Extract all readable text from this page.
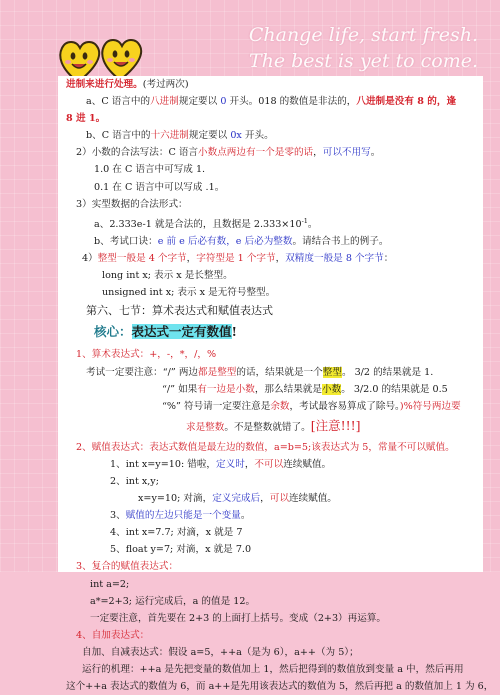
Change life, start fresh.
The best is yet to come.
进制来进行处理。(考过两次)
a、C 语言中的八进制规定要以 0 开头。018 的数值是非法的，八进制是没有 8 的，逢
8 进 1。
b、C 语言中的十六进制规定要以 0x 开头。
2）小数的合法写法：C 语言小数点两边有一个是零的话，可以不用写。
1.0 在 C 语言中可写成 1.
0.1 在 C 语言中可以写成 .1。
3）实型数据的合法形式：
a、2.333e-1 就是合法的，且数据是 $2.333\times 10^{-1}$。
b、考试口诀：e 前 e 后必有数，e 后必为整数。请结合书上的例子。
4）整型一般是 4 个字节，字符型是 1 个字节，双精度一般是 8 个字节：
long int x; 表示 x 是长整型。
unsigned int x; 表示 x 是无符号整型。
第六、七节：算术表达式和赋值表达式
核心：表达式一定有数值!
1、算术表达式：+，-，*，/，%
考试一定要注意：“/” 两边都是整型的话，结果就是一个整型。 3/2 的结果就是 1.
“/” 如果有一边是小数，那么结果就是小数。 3/2.0 的结果就是 0.5
“%” 符号请一定要注意是余数，考试最容易算成了除号。)%符号两边要
求是整数。不是整数就错了。[注意!!!]
2、赋值表达式：表达式数值是最左边的数值，a=b=5;该表达式为 5，常量不可以赋值。
1、int x=y=10: 错啦，定义时，不可以连续赋值。
2、int x,y;
x=y=10; 对滴，定义完成后，可以连续赋值。
3、赋值的左边只能是一个变量。
4、int x=7.7; 对滴，x 就是 7
5、float y=7; 对滴，x 就是 7.0
3、复合的赋值表达式：
int a=2;
a*=2+3; 运行完成后，a 的值是 12。
一定要注意，首先要在 2+3 的上面打上括号。变成（2+3）再运算。
4、自加表达式：
自加、自减表达式：假设 a=5，++a（是为 6），a++（为 5）；
运行的机理：++a 是先把变量的数值加上 1，然后把得到的数值放到变量 a 中，然后再用
这个++a 表达式的数值为 6，而 a++是先用该表达式的数值为 5，然后再把 a 的数值加上 1 为 6，
